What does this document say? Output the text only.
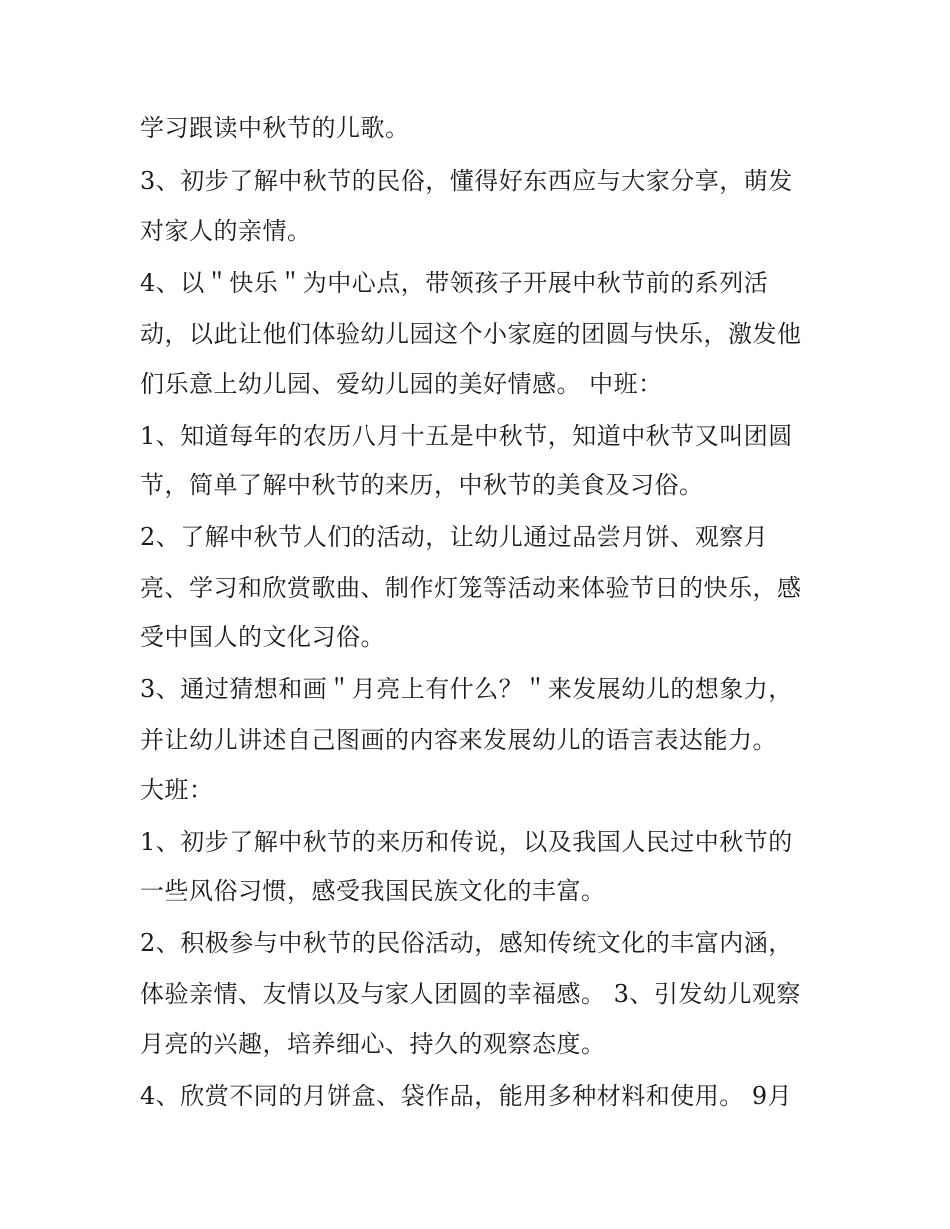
学习跟读中秋节的儿歌。

3、初步了解中秋节的民俗，懂得好东西应与大家分享，萌发

对家人的亲情。

4、以＂快乐＂为中心点，带领孩子开展中秋节前的系列活

动，以此让他们体验幼儿园这个小家庭的团圆与快乐，激发他

们乐意上幼儿园、爱幼儿园的美好情感。 中班：

1、知道每年的农历八月十五是中秋节，知道中秋节又叫团圆

节，简单了解中秋节的来历，中秋节的美食及习俗。

2、了解中秋节人们的活动，让幼儿通过品尝月饼、观察月

亮、学习和欣赏歌曲、制作灯笼等活动来体验节日的快乐，感

受中国人的文化习俗。

3、通过猜想和画＂月亮上有什么？＂来发展幼儿的想象力，

并让幼儿讲述自己图画的内容来发展幼儿的语言表达能力。

大班：

1、初步了解中秋节的来历和传说，以及我国人民过中秋节的

一些风俗习惯，感受我国民族文化的丰富。

2、积极参与中秋节的民俗活动，感知传统文化的丰富内涵，

体验亲情、友情以及与家人团圆的幸福感。 3、引发幼儿观察

月亮的兴趣，培养细心、持久的观察态度。

4、欣赏不同的月饼盒、袋作品，能用多种材料和使用。 9月
